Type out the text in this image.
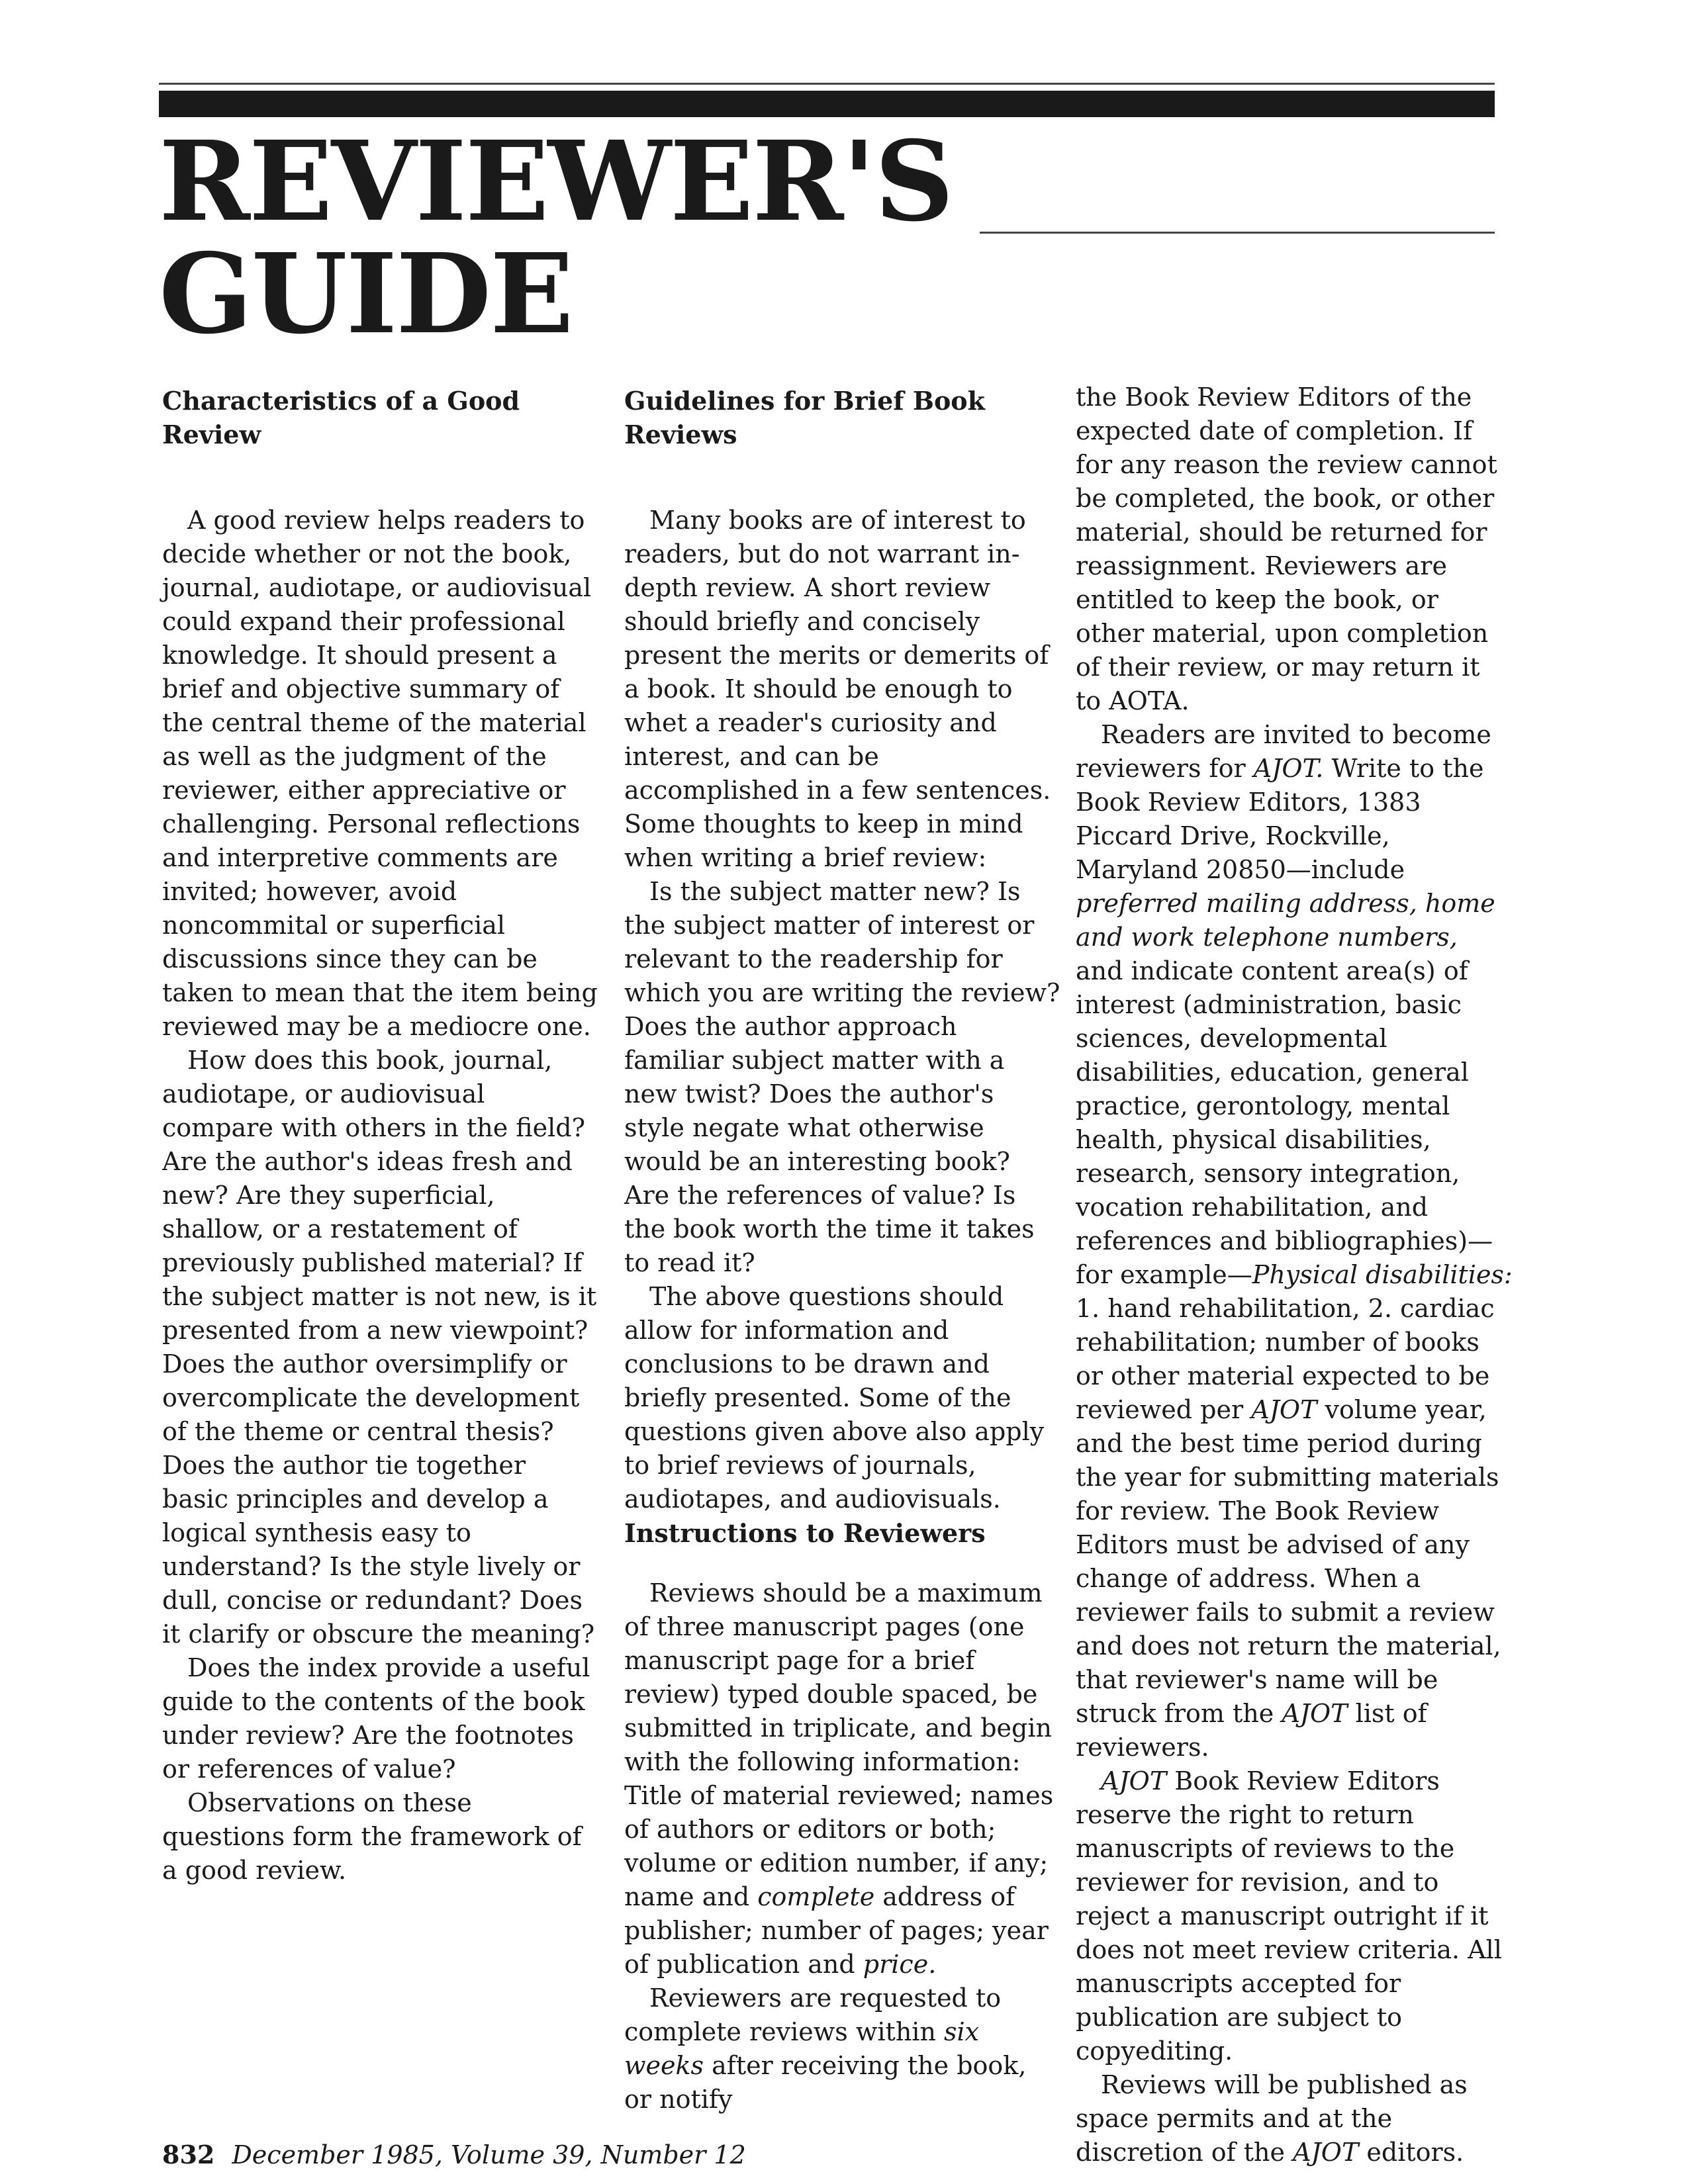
REVIEWER'S
GUIDE
Characteristics of a Good Review

A good review helps readers to decide whether or not the book, journal, audiotape, or audiovisual could expand their professional knowledge. It should present a brief and objective summary of the central theme of the material as well as the judgment of the reviewer, either appreciative or challenging. Personal reflections and interpretive comments are invited; however, avoid noncommital or superficial discussions since they can be taken to mean that the item being reviewed may be a mediocre one.

How does this book, journal, audiotape, or audiovisual compare with others in the field? Are the author's ideas fresh and new? Are they superficial, shallow, or a restatement of previously published material? If the subject matter is not new, is it presented from a new viewpoint? Does the author oversimplify or overcomplicate the development of the theme or central thesis? Does the author tie together basic principles and develop a logical synthesis easy to understand? Is the style lively or dull, concise or redundant? Does it clarify or obscure the meaning?

Does the index provide a useful guide to the contents of the book under review? Are the footnotes or references of value?

Observations on these questions form the framework of a good review.

Guidelines for Brief Book Reviews

Many books are of interest to readers, but do not warrant in-depth review. A short review should briefly and concisely present the merits or demerits of a book. It should be enough to whet a reader's curiosity and interest, and can be accomplished in a few sentences. Some thoughts to keep in mind when writing a brief review:

Is the subject matter new? Is the subject matter of interest or relevant to the readership for which you are writing the review? Does the author approach familiar subject matter with a new twist? Does the author's style negate what otherwise would be an interesting book? Are the references of value? Is the book worth the time it takes to read it?

The above questions should allow for information and conclusions to be drawn and briefly presented. Some of the questions given above also apply to brief reviews of journals, audiotapes, and audiovisuals.

Instructions to Reviewers

Reviews should be a maximum of three manuscript pages (one manuscript page for a brief review) typed double spaced, be submitted in triplicate, and begin with the following information: Title of material reviewed; names of authors or editors or both; volume or edition number, if any; name and complete address of publisher; number of pages; year of publication and price.

Reviewers are requested to complete reviews within six weeks after receiving the book, or notify

the Book Review Editors of the expected date of completion. If for any reason the review cannot be completed, the book, or other material, should be returned for reassignment. Reviewers are entitled to keep the book, or other material, upon completion of their review, or may return it to AOTA.

Readers are invited to become reviewers for AJOT. Write to the Book Review Editors, 1383 Piccard Drive, Rockville, Maryland 20850—include preferred mailing address, home and work telephone numbers, and indicate content area(s) of interest (administration, basic sciences, developmental disabilities, education, general practice, gerontology, mental health, physical disabilities, research, sensory integration, vocation rehabilitation, and references and bibliographies)—for example—Physical disabilities: 1. hand rehabilitation, 2. cardiac rehabilitation; number of books or other material expected to be reviewed per AJOT volume year, and the best time period during the year for submitting materials for review. The Book Review Editors must be advised of any change of address. When a reviewer fails to submit a review and does not return the material, that reviewer's name will be struck from the AJOT list of reviewers.

AJOT Book Review Editors reserve the right to return manuscripts of reviews to the reviewer for revision, and to reject a manuscript outright if it does not meet review criteria. All manuscripts accepted for publication are subject to copyediting.

Reviews will be published as space permits and at the discretion of the AJOT editors.

832 December 1985, Volume 39, Number 12
